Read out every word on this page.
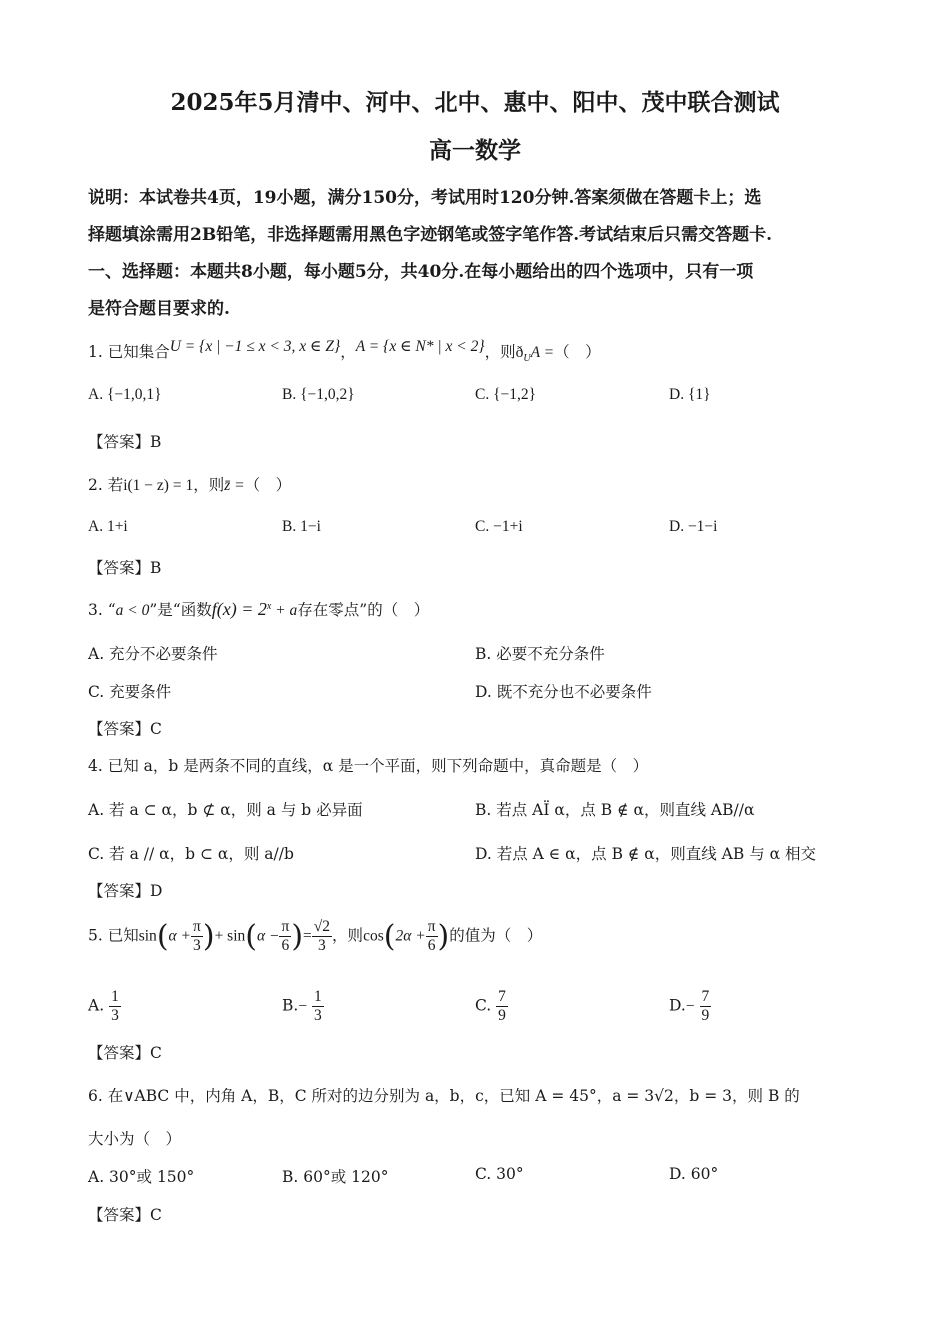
2025年5月清中、河中、北中、惠中、阳中、茂中联合测试
高一数学
说明：本试卷共4页，19小题，满分150分，考试用时120分钟.答案须做在答题卡上；选
择题填涂需用2B铅笔，非选择题需用黑色字迹钢笔或签字笔作答.考试结束后只需交答题卡.
一、选择题：本题共8小题，每小题5分，共40分.在每小题给出的四个选项中，只有一项
是符合题目要求的.
1. 已知集合U = {x | −1 ≤ x < 3, x ∈ Z}，A = {x ∈ N* | x < 2}，则$ð_UA$ =（　）
A. {−1,0,1}	B. {−1,0,2}	C. {−1,2}	D. {1}
【答案】B
2. 若i(1 − z) = 1，则z̄ =（　）
A. 1+i	B. 1−i	C. −1+i	D. −1−i
【答案】B
3. “a < 0”是“函数$f(x) = 2^x + a$存在零点”的（　）
A. 充分不必要条件	B. 必要不充分条件
C. 充要条件	D. 既不充分也不必要条件
【答案】C
4. 已知 a，b 是两条不同的直线，α 是一个平面，则下列命题中，真命题是（　）
A. 若 a ⊂ α，b ⊄ α，则 a 与 b 必异面	B. 若点 AÏ α，点 B ∉ α，则直线 AB//α
C. 若 a // α，b ⊂ α，则 a//b	D. 若点 A ∈ α，点 B ∉ α，则直线 AB 与 α 相交
【答案】D
5. 已知$\sin(\alpha + \frac{\pi}{3}$ )+ $\sin(\alpha - \frac{\pi}{6}$ )= $\frac{√2}{3}$ ，则$\cos(2\alpha + \frac{\pi}{6}$ )的值为（　）
A. $\frac{1}{3}$	$B.- \frac{1}{3}$	C. $\frac{7}{9}$	$D.- \frac{7}{9}$
【答案】C
6. 在∨ABC 中，内角 A，B，C 所对的边分别为 a，b，c，已知 A = 45°，a = 3√2，b = 3，则 B 的
大小为（　）
A. 30°或 150°	B. 60°或 120°	C. 30°	D. 60°
【答案】C
